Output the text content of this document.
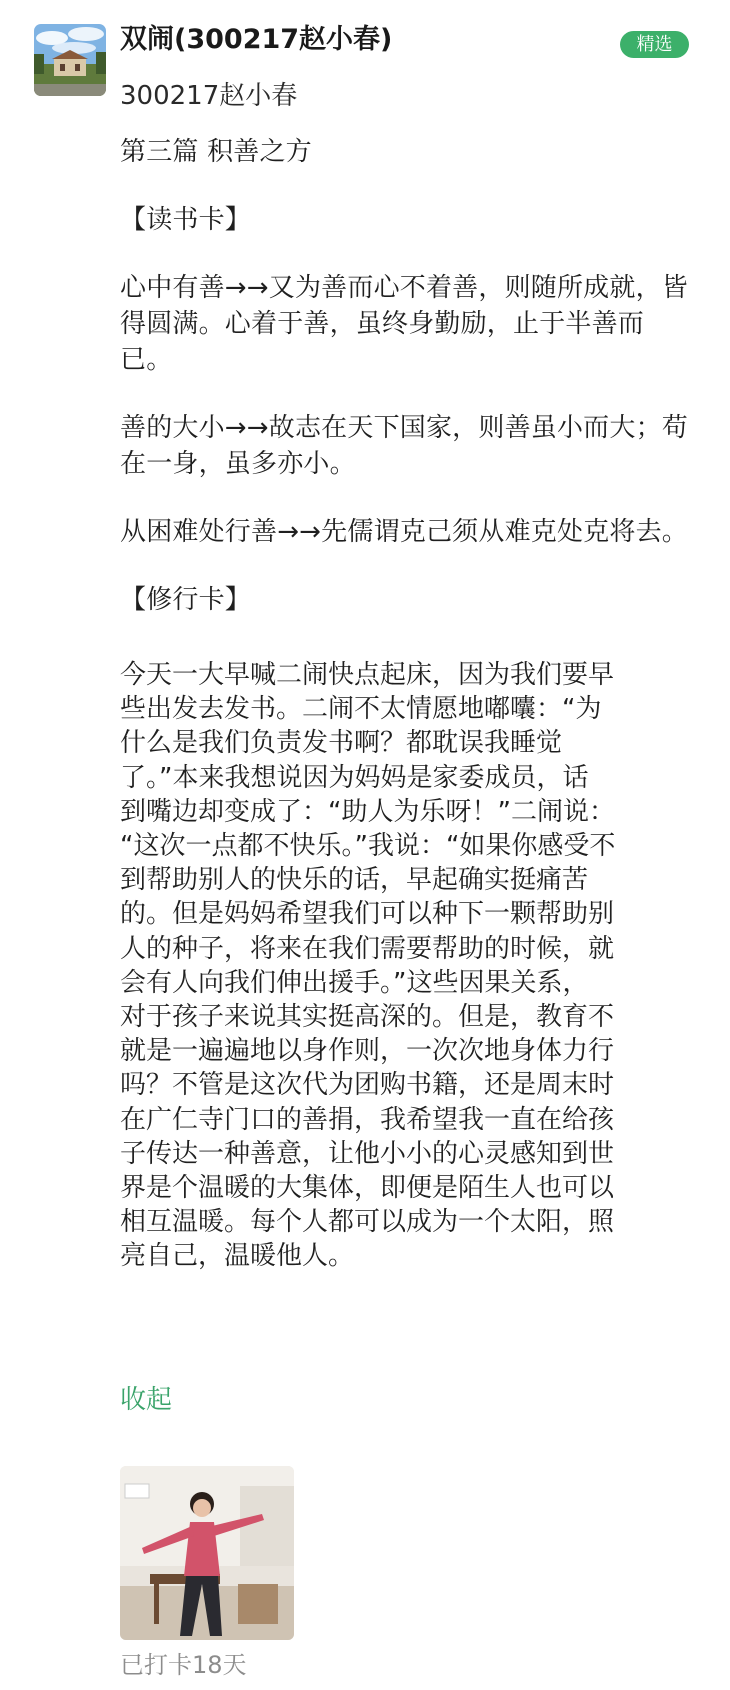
双闹(300217赵小春)	精选
300217赵小春

第三篇 积善之方

【读书卡】

心中有善→→又为善而心不着善，则随所成就，皆得圆满。心着于善，虽终身勤励，止于半善而已。

善的大小→→故志在天下国家，则善虽小而大；苟在一身，虽多亦小。

从困难处行善→→先儒谓克己须从难克处克将去。

【修行卡】

今天一大早喊二闹快点起床，因为我们要早
些出发去发书。二闹不太情愿地嘟囔：“为
什么是我们负责发书啊？都耽误我睡觉
了。”本来我想说因为妈妈是家委成员，话
到嘴边却变成了：“助人为乐呀！”二闹说：
“这次一点都不快乐。”我说：“如果你感受不
到帮助别人的快乐的话，早起确实挺痛苦
的。但是妈妈希望我们可以种下一颗帮助别
人的种子，将来在我们需要帮助的时候，就
会有人向我们伸出援手。”这些因果关系，
对于孩子来说其实挺高深的。但是，教育不
就是一遍遍地以身作则，一次次地身体力行
吗？不管是这次代为团购书籍，还是周末时
在广仁寺门口的善捐，我希望我一直在给孩
子传达一种善意，让他小小的心灵感知到世
界是个温暖的大集体，即便是陌生人也可以
相互温暖。每个人都可以成为一个太阳，照
亮自己，温暖他人。
收起
已打卡18天
